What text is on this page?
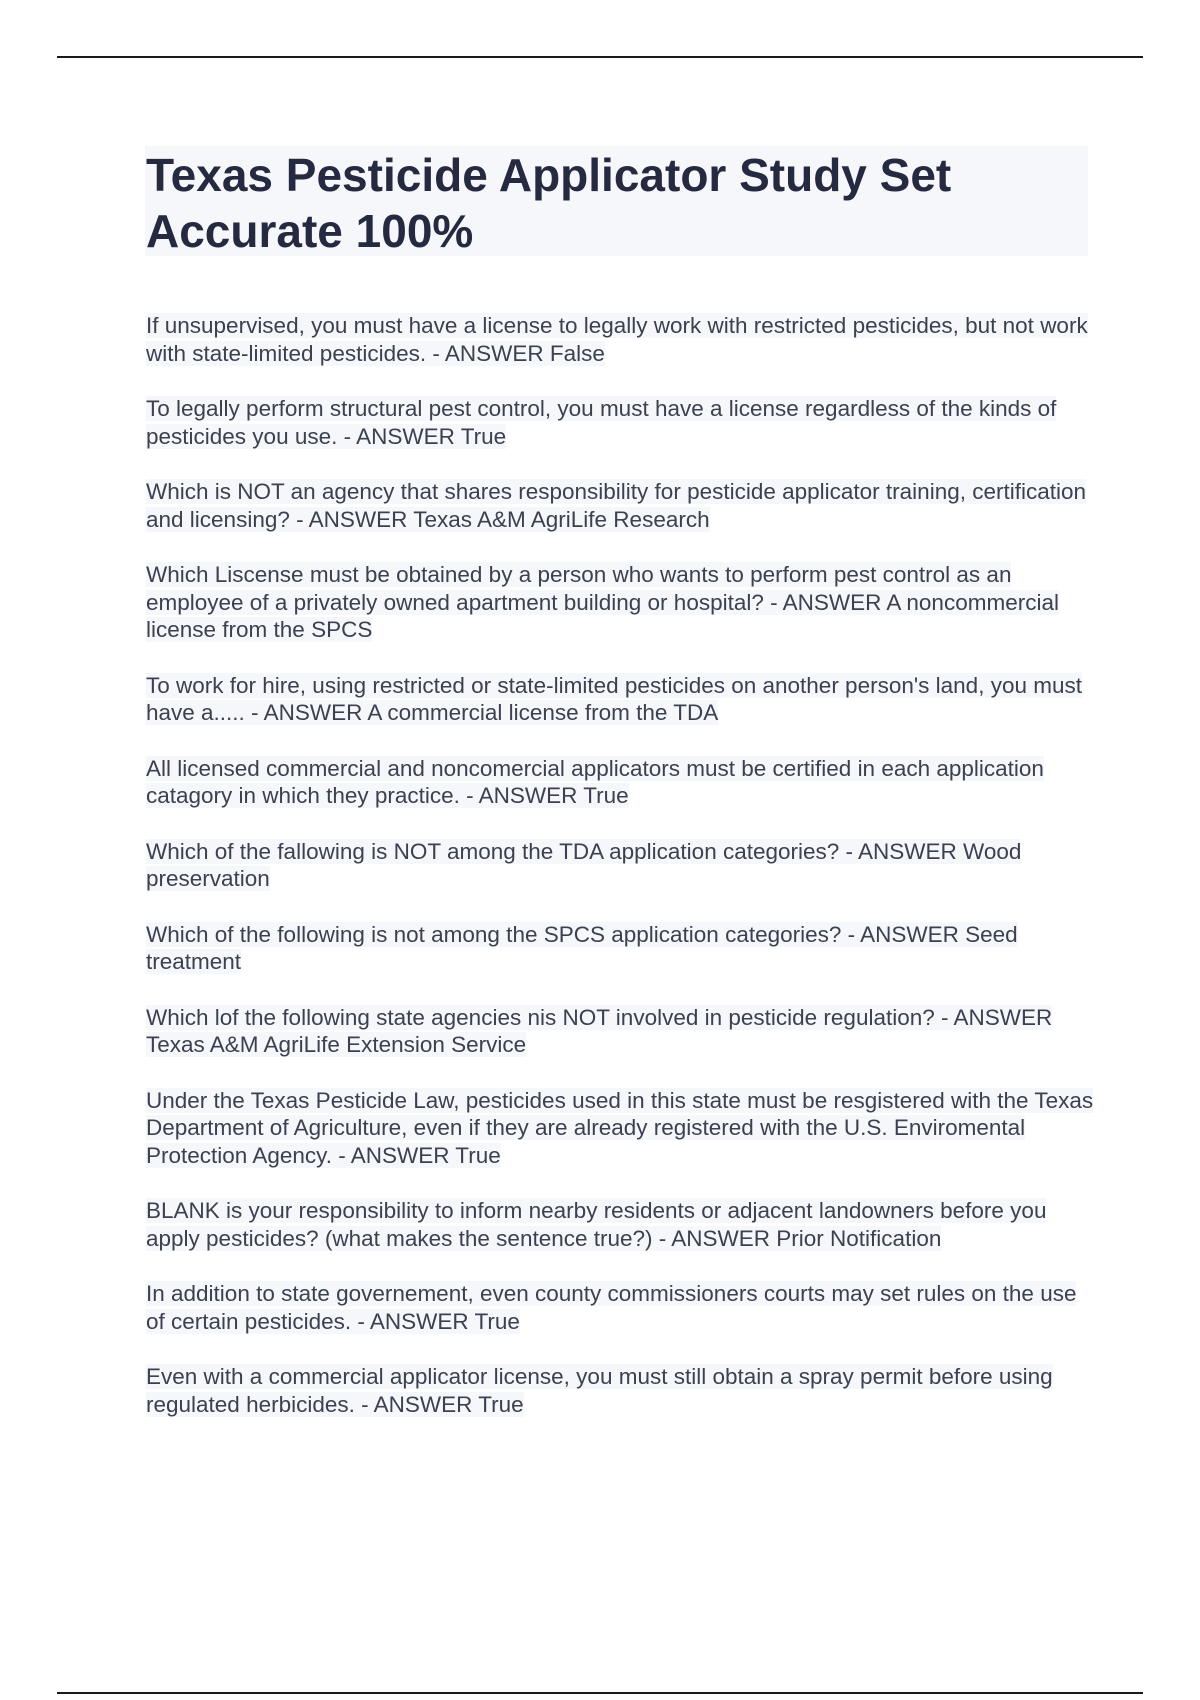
Texas Pesticide Applicator Study Set Accurate 100%
If unsupervised, you must have a license to legally work with restricted pesticides, but not work with state-limited pesticides. - ANSWER False
To legally perform structural pest control, you must have a license regardless of the kinds of pesticides you use. - ANSWER True
Which is NOT an agency that shares responsibility for pesticide applicator training, certification and licensing? - ANSWER Texas A&M AgriLife Research
Which Liscense must be obtained by a person who wants to perform pest control as an employee of a privately owned apartment building or hospital? - ANSWER A noncommercial license from the SPCS
To work for hire, using restricted or state-limited pesticides on another person's land, you must have a..... - ANSWER A commercial license from the TDA
All licensed commercial and noncomercial applicators must be certified in each application catagory in which they practice. - ANSWER True
Which of the fallowing is NOT among the TDA application categories? - ANSWER Wood preservation
Which of the following is not among the SPCS application categories? - ANSWER Seed treatment
Which lof the following state agencies nis NOT involved in pesticide regulation? - ANSWER Texas A&M AgriLife Extension Service
Under the Texas Pesticide Law, pesticides used in this state must be resgistered with the Texas Department of Agriculture, even if they are already registered with the U.S. Enviromental Protection Agency. - ANSWER True
BLANK is your responsibility to inform nearby residents or adjacent landowners before you apply pesticides? (what makes the sentence true?) - ANSWER Prior Notification
In addition to state governement, even county commissioners courts may set rules on the use of certain pesticides. - ANSWER True
Even with a commercial applicator license, you must still obtain a spray permit before using regulated herbicides. - ANSWER True
